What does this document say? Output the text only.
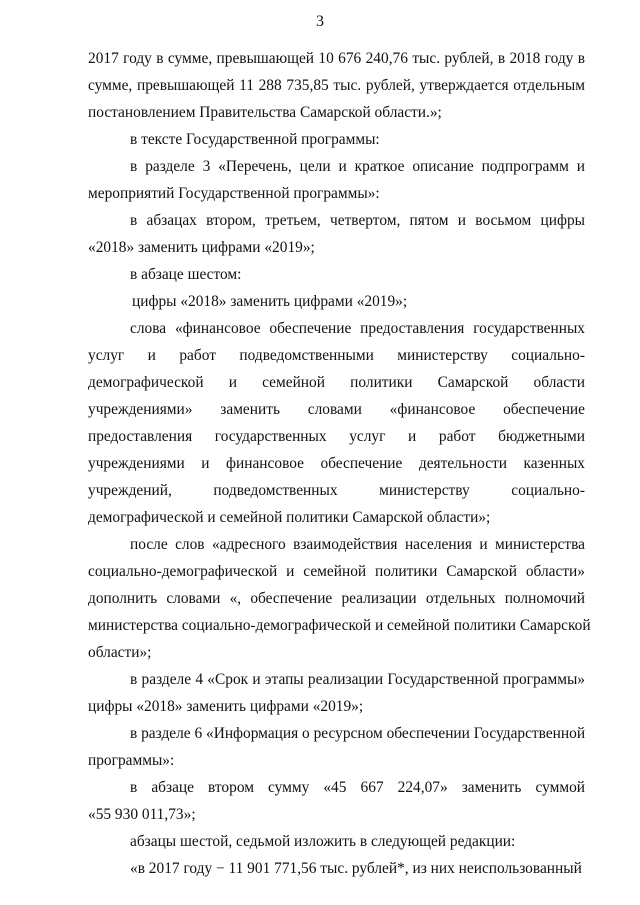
3

2017 году в сумме, превышающей 10 676 240,76 тыс. рублей, в 2018 году в
сумме, превышающей 11 288 735,85 тыс. рублей, утверждается отдельным
постановлением Правительства Самарской области.»;

в тексте Государственной программы:

в разделе 3 «Перечень, цели и краткое описание подпрограмм и
мероприятий Государственной программы»:

в абзацах втором, третьем, четвертом, пятом и восьмом цифры
«2018» заменить цифрами «2019»;

в абзаце шестом:

цифры «2018» заменить цифрами «2019»;

слова «финансовое обеспечение предоставления государственных
услуг и работ подведомственными министерству социально-
демографической и семейной политики Самарской области
учреждениями» заменить словами «финансовое обеспечение
предоставления государственных услуг и работ бюджетными
учреждениями и финансовое обеспечение деятельности казенных
учреждений, подведомственных министерству социально-
демографической и семейной политики Самарской области»;

после слов «адресного взаимодействия населения и министерства
социально-демографической и семейной политики Самарской области»
дополнить словами «, обеспечение реализации отдельных полномочий
министерства социально-демографической и семейной политики Самарской
области»;

в разделе 4 «Срок и этапы реализации Государственной программы»
цифры «2018» заменить цифрами «2019»;

в разделе 6 «Информация о ресурсном обеспечении Государственной
программы»:

в абзаце втором сумму «45 667 224,07» заменить суммой
«55 930 011,73»;

абзацы шестой, седьмой изложить в следующей редакции:

«в 2017 году − 11 901 771,56 тыс. рублей*, из них неиспользованный
